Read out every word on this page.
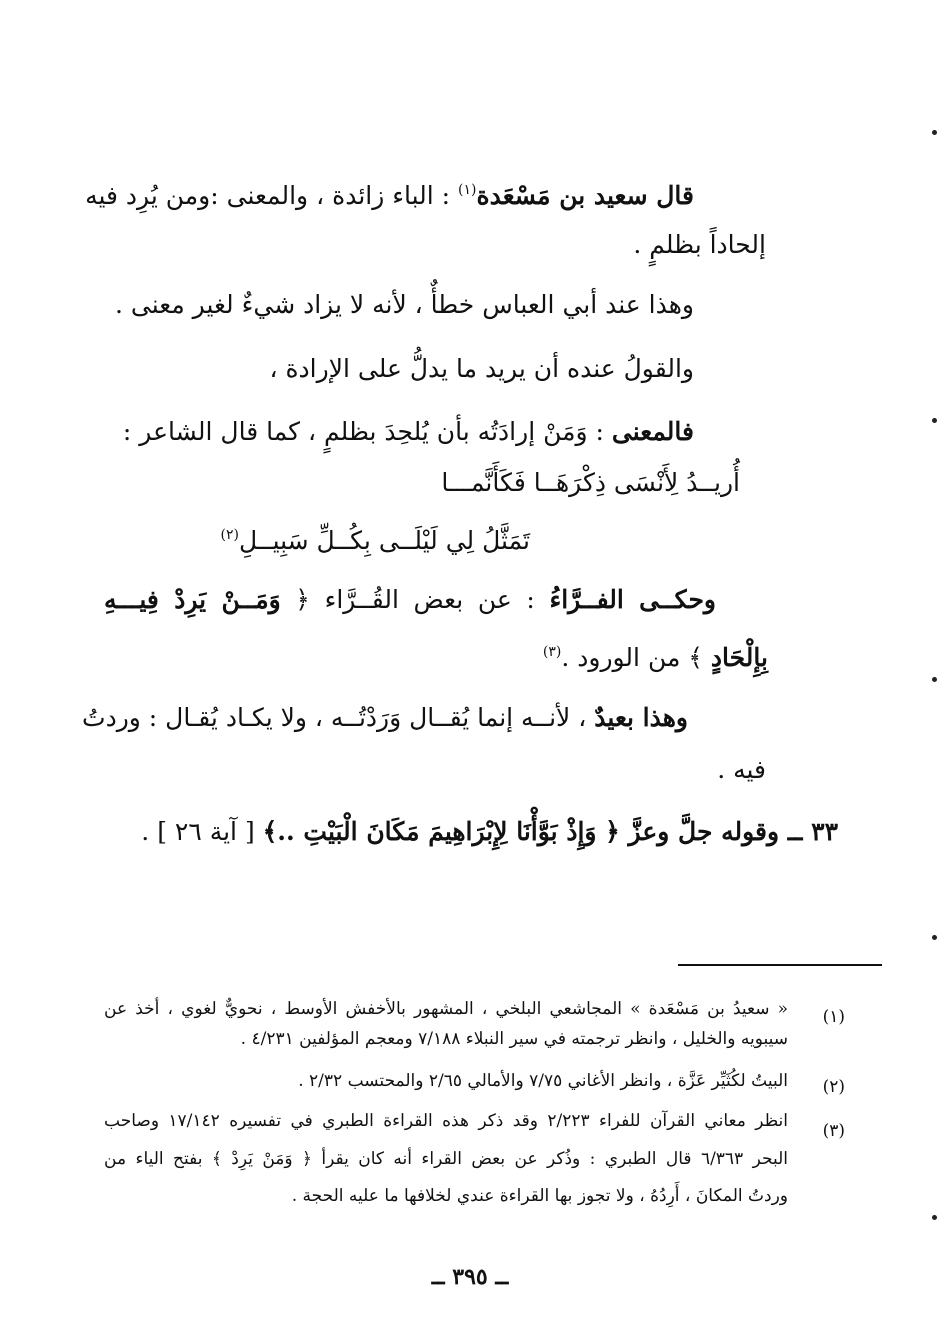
قال سعيد بن مَسْعَدة$^{(١)}$ : الباء زائدة ، والمعنى :ومن يُرِد فيه
إلحاداً بظلمٍ .
وهذا عند أبي العباس خطأٌ ، لأنه لا يزاد شيءٌ لغير معنى .
والقولُ عنده أن يريد ما يدلُّ على الإرادة ،
فالمعنى : وَمَنْ إرادَتُه بأن يُلحِدَ بظلمٍ ، كما قال الشاعر :
أُريــدُ لِأَنْسَى ذِكْرَهَــا فَكَأَنَّمـــا
تَمَثَّلُ لِي لَيْلَــى بِكُــلِّ سَبِيــلِ$^{(٢)}$
وحكــى الفــرَّاءُ : عن بعض القُــرَّاء ﴿ وَمَــنْ يَرِدْ فِيـــهِ
بِإِلْحَادٍ ﴾ من الورود .$^{(٣)}$
وهذا بعيدٌ ، لأنــه إنما يُقــال وَرَدْتُــه ، ولا يكـاد يُقـال : وردتُ
فيه .
٣٣ ــ وقوله جلَّ وعزَّ ﴿ وَإِذْ بَوَّأْنَا لِإِبْرَاهِيمَ مَكَانَ الْبَيْتِ ..﴾ [ آية ٢٦ ] .
(١)
« سعيدُ بن مَسْعَدة » المجاشعي البلخي ، المشهور بالأخفش الأوسط ، نحويٌّ لغوي ، أخذ عن
سيبويه والخليل ، وانظر ترجمته في سير النبلاء ٧/١٨٨ ومعجم المؤلفين ٤/٢٣١ .
(٢)
البيتُ لكُثَيِّر عَزَّة ، وانظر الأغاني ٧/٧٥ والأمالي ٢/٦٥ والمحتسب ٢/٣٢ .
(٣)
انظر معاني القرآن للفراء ٢/٢٢٣ وقد ذكر هذه القراءة الطبري في تفسيره ١٧/١٤٢ وصاحب
البحر ٦/٣٦٣ قال الطبري : وذُكر عن بعض القراء أنه كان يقرأ ﴿ وَمَنْ يَرِدْ ﴾ بفتح الياء من
وردتُ المكانَ ، أَرِدُهُ ، ولا تجوز بها القراءة عندي لخلافها ما عليه الحجة .
ــ ٣٩٥ ــ
